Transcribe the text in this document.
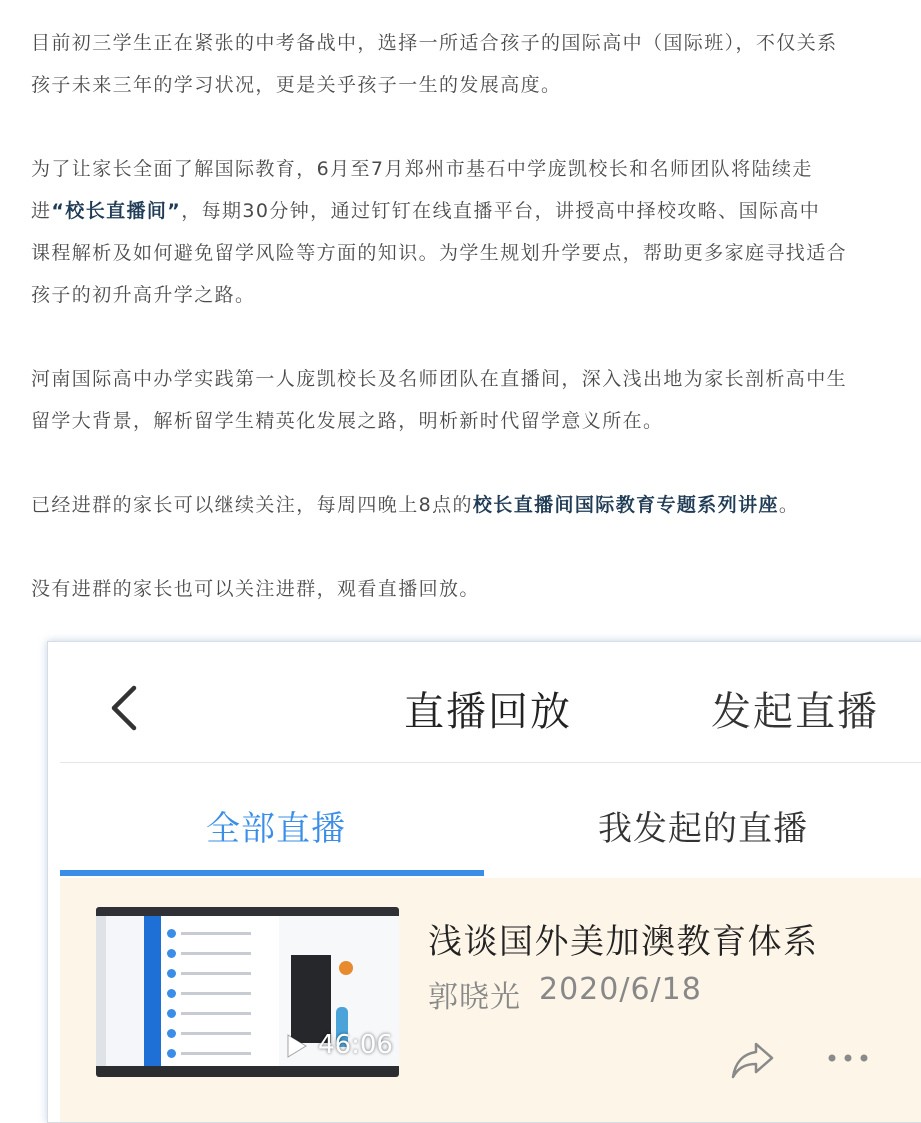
目前初三学生正在紧张的中考备战中，选择一所适合孩子的国际高中（国际班），不仅关系

孩子未来三年的学习状况，更是关乎孩子一生的发展高度。

为了让家长全面了解国际教育，6月至7月郑州市基石中学庞凯校长和名师团队将陆续走

进“校长直播间”，每期30分钟，通过钉钉在线直播平台，讲授高中择校攻略、国际高中

课程解析及如何避免留学风险等方面的知识。为学生规划升学要点，帮助更多家庭寻找适合

孩子的初升高升学之路。

河南国际高中办学实践第一人庞凯校长及名师团队在直播间，深入浅出地为家长剖析高中生

留学大背景，解析留学生精英化发展之路，明析新时代留学意义所在。

已经进群的家长可以继续关注，每周四晚上8点的校长直播间国际教育专题系列讲座。

没有进群的家长也可以关注进群，观看直播回放。

直播回放	发起直播
全部直播	我发起的直播
46:06
浅谈国外美加澳教育体系
郭晓光 2020/6/18
